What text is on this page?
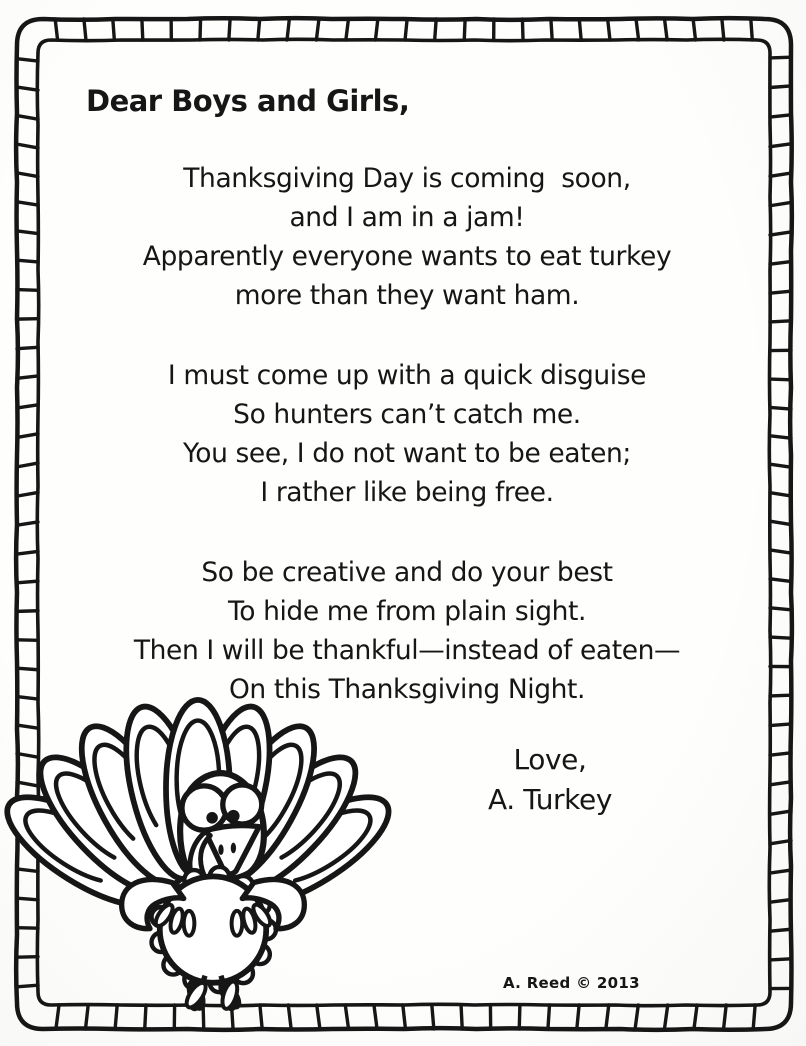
Dear Boys and Girls,

Thanksgiving Day is coming  soon,
and I am in a jam!
Apparently everyone wants to eat turkey
more than they want ham.
I must come up with a quick disguise
So hunters can’t catch me.
You see, I do not want to be eaten;
I rather like being free.
So be creative and do your best
To hide me from plain sight.
Then I will be thankful—instead of eaten—
On this Thanksgiving Night.
Love,
A. Turkey
A. Reed © 2013
